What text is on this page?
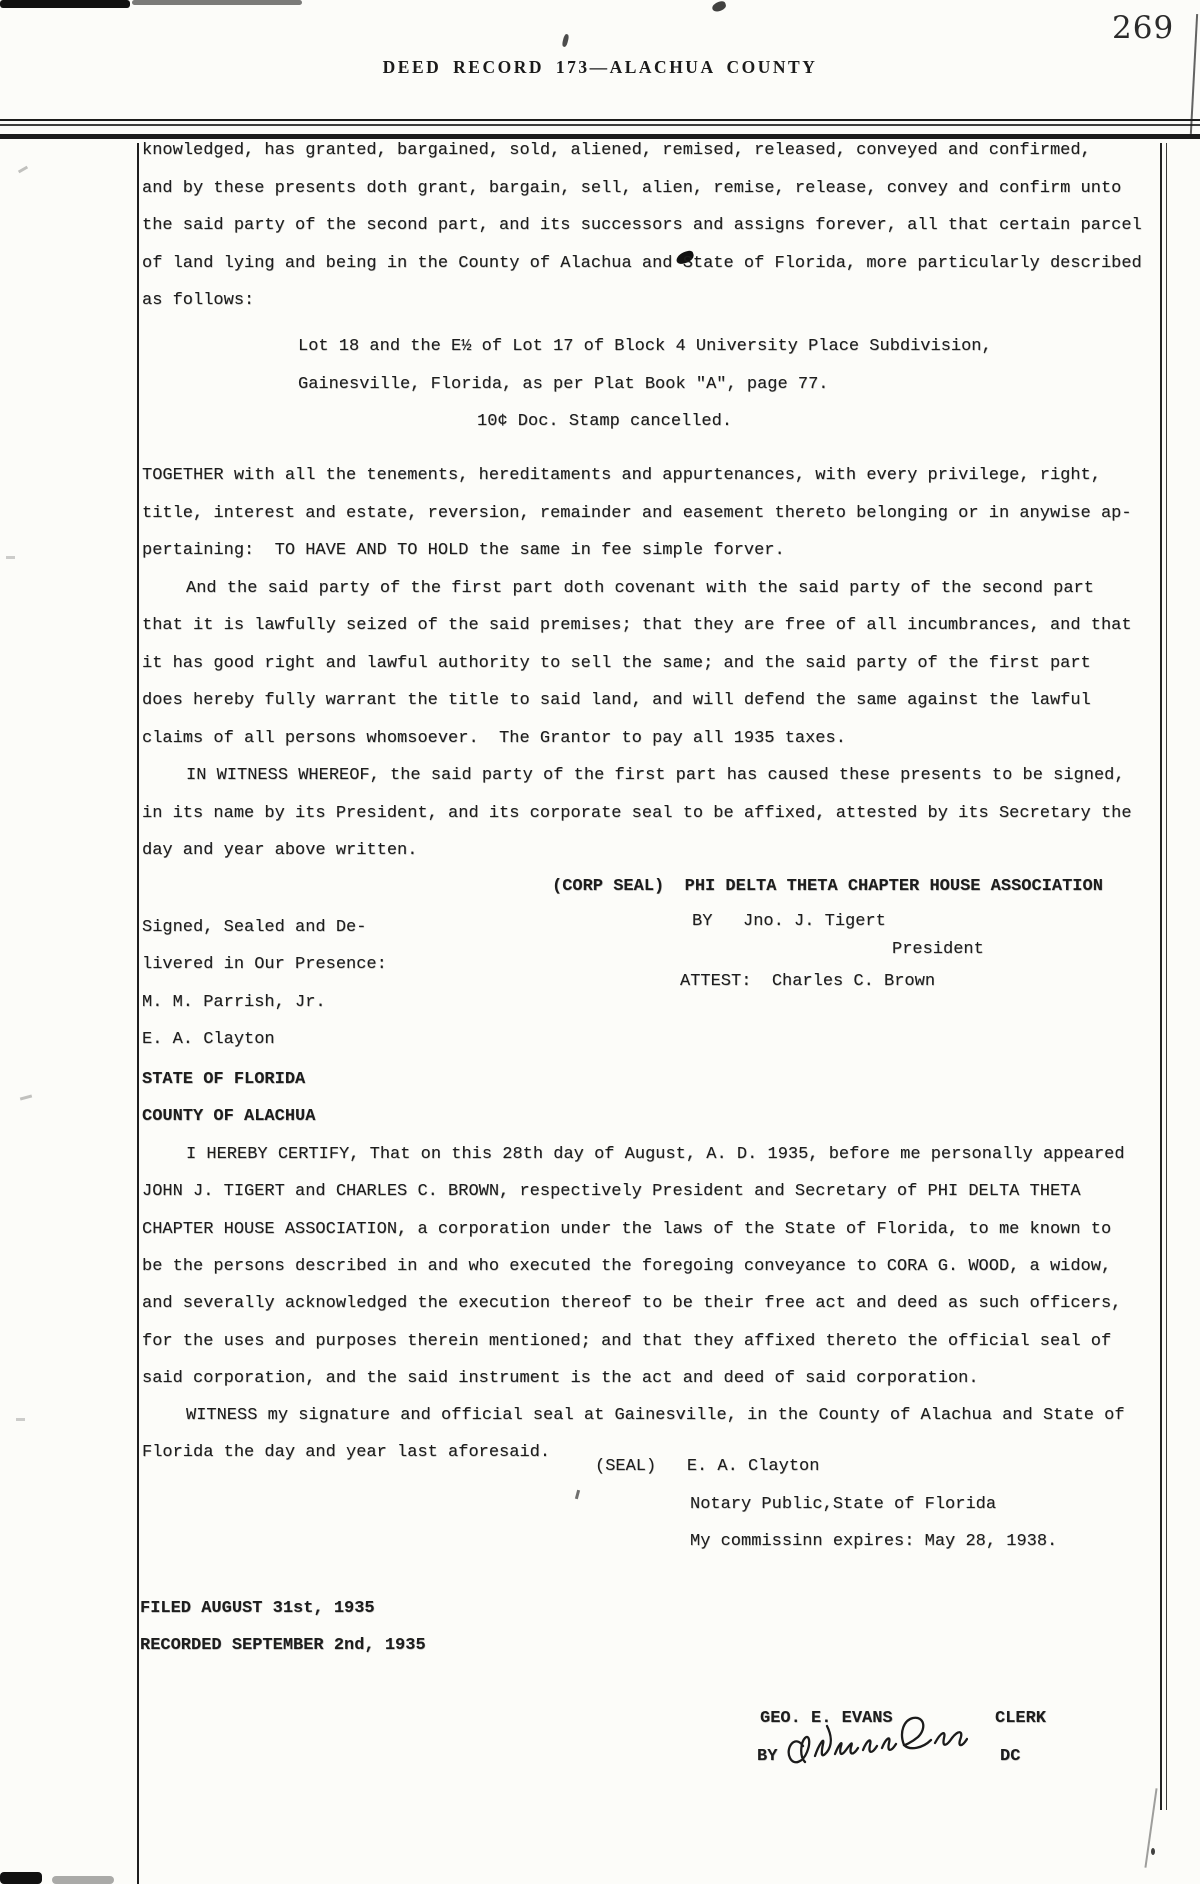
269
DEED RECORD 173—ALACHUA COUNTY
knowledged, has granted, bargained, sold, aliened, remised, released, conveyed and confirmed,
and by these presents doth grant, bargain, sell, alien, remise, release, convey and confirm unto
the said party of the second part, and its successors and assigns forever, all that certain parcel
of land lying and being in the County of Alachua and State of Florida, more particularly described
as follows:
Lot 18 and the E½ of Lot 17 of Block 4 University Place Subdivision,
Gainesville, Florida, as per Plat Book "A", page 77.
10¢ Doc. Stamp cancelled.
TOGETHER with all the tenements, hereditaments and appurtenances, with every privilege, right,
title, interest and estate, reversion, remainder and easement thereto belonging or in anywise ap-
pertaining:  TO HAVE AND TO HOLD the same in fee simple forver.
And the said party of the first part doth covenant with the said party of the second part
that it is lawfully seized of the said premises; that they are free of all incumbrances, and that
it has good right and lawful authority to sell the same; and the said party of the first part
does hereby fully warrant the title to said land, and will defend the same against the lawful
claims of all persons whomsoever.  The Grantor to pay all 1935 taxes.
IN WITNESS WHEREOF, the said party of the first part has caused these presents to be signed,
in its name by its President, and its corporate seal to be affixed, attested by its Secretary the
day and year above written.
(CORP SEAL)  PHI DELTA THETA CHAPTER HOUSE ASSOCIATION
Signed, Sealed and De-	BY   Jno. J. Tigert
President
livered in Our Presence:
ATTEST:  Charles C. Brown
M. M. Parrish, Jr.
E. A. Clayton
STATE OF FLORIDA
COUNTY OF ALACHUA
I HEREBY CERTIFY, That on this 28th day of August, A. D. 1935, before me personally appeared
JOHN J. TIGERT and CHARLES C. BROWN, respectively President and Secretary of PHI DELTA THETA
CHAPTER HOUSE ASSOCIATION, a corporation under the laws of the State of Florida, to me known to
be the persons described in and who executed the foregoing conveyance to CORA G. WOOD, a widow,
and severally acknowledged the execution thereof to be their free act and deed as such officers,
for the uses and purposes therein mentioned; and that they affixed thereto the official seal of
said corporation, and the said instrument is the act and deed of said corporation.
WITNESS my signature and official seal at Gainesville, in the County of Alachua and State of
Florida the day and year last aforesaid.
(SEAL)   E. A. Clayton
Notary Public,State of Florida
My commissinn expires: May 28, 1938.
FILED AUGUST 31st, 1935
RECORDED SEPTEMBER 2nd, 1935
GEO. E. EVANS	CLERK
BY	DC
